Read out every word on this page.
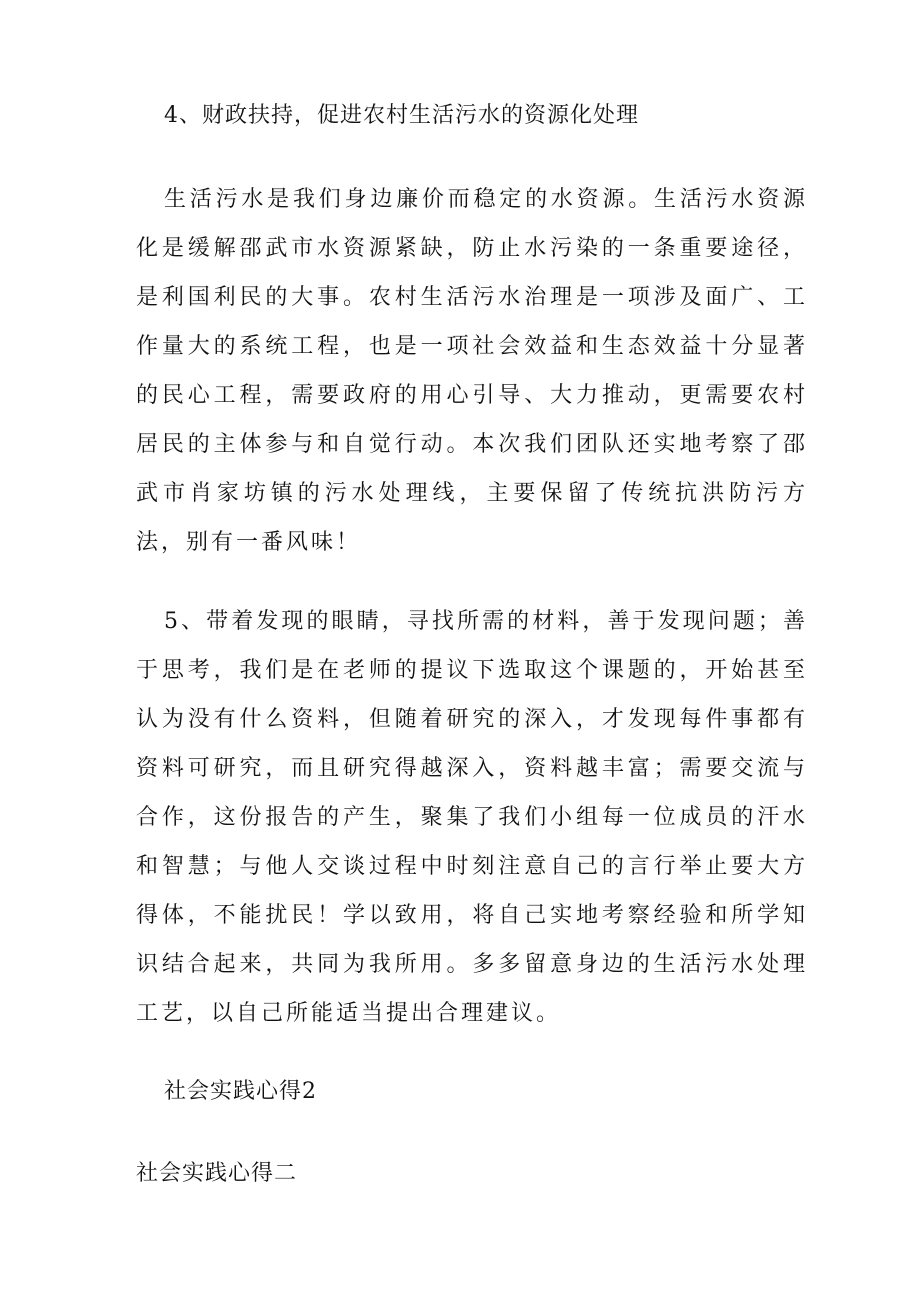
4、财政扶持，促进农村生活污水的资源化处理
生活污水是我们身边廉价而稳定的水资源。生活污水资源化是缓解邵武市水资源紧缺，防止水污染的一条重要途径，是利国利民的大事。农村生活污水治理是一项涉及面广、工作量大的系统工程，也是一项社会效益和生态效益十分显著的民心工程，需要政府的用心引导、大力推动，更需要农村居民的主体参与和自觉行动。本次我们团队还实地考察了邵武市肖家坊镇的污水处理线，主要保留了传统抗洪防污方法，别有一番风味！
5、带着发现的眼睛，寻找所需的材料，善于发现问题；善于思考，我们是在老师的提议下选取这个课题的，开始甚至认为没有什么资料，但随着研究的深入，才发现每件事都有资料可研究，而且研究得越深入，资料越丰富；需要交流与合作，这份报告的产生，聚集了我们小组每一位成员的汗水和智慧；与他人交谈过程中时刻注意自己的言行举止要大方得体，不能扰民！学以致用，将自己实地考察经验和所学知识结合起来，共同为我所用。多多留意身边的生活污水处理工艺，以自己所能适当提出合理建议。
社会实践心得2
社会实践心得二
